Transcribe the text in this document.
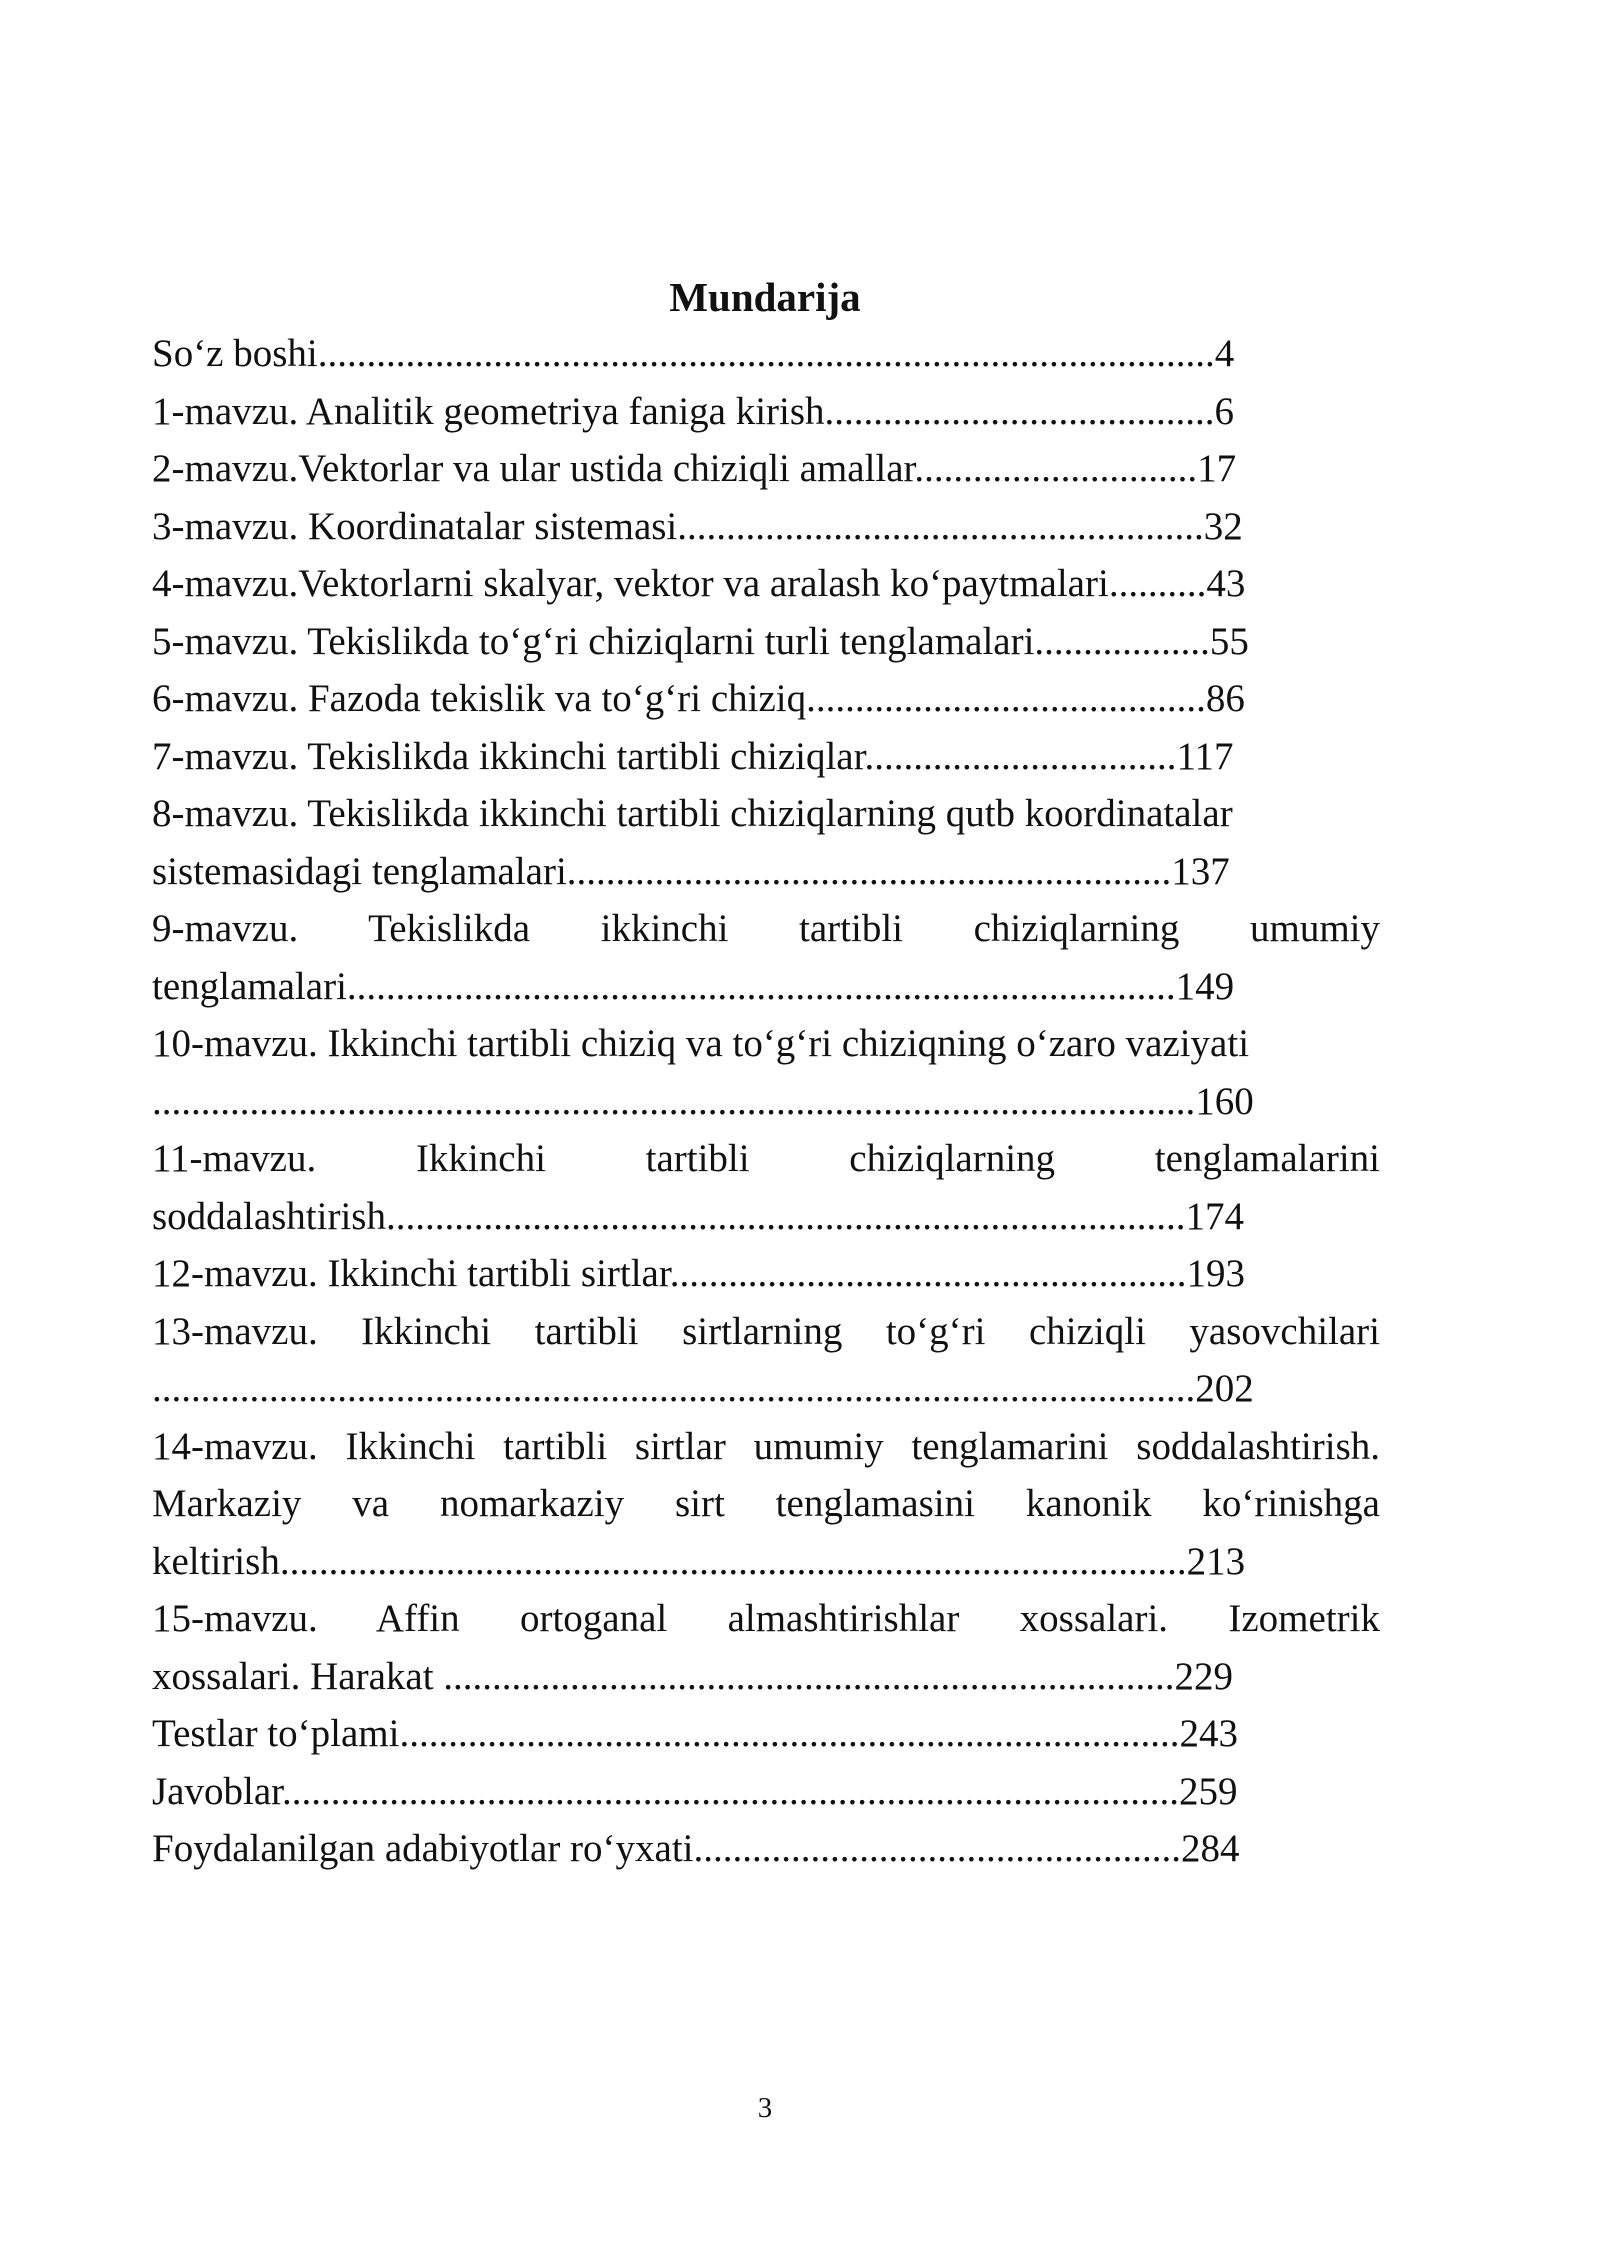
Mundarija
So‘z boshi............................................................................................4
1-mavzu. Analitik geometriya faniga kirish........................................6
2-mavzu.Vektorlar va ular ustida chiziqli amallar.............................17
3-mavzu. Koordinatalar sistemasi......................................................32
4-mavzu.Vektorlarni skalyar, vektor va aralash ko‘paytmalari..........43
5-mavzu. Tekislikda to‘g‘ri chiziqlarni turli tenglamalari..................55
6-mavzu. Fazoda tekislik va to‘g‘ri chiziq.........................................86
7-mavzu. Tekislikda ikkinchi tartibli chiziqlar................................117
8-mavzu. Tekislikda ikkinchi tartibli chiziqlarning qutb koordinatalar
sistemasidagi tenglamalari..............................................................137
9-mavzu. Tekislikda ikkinchi tartibli chiziqlarning umumiy
tenglamalari.....................................................................................149
10-mavzu. Ikkinchi tartibli chiziq va to‘g‘ri chiziqning o‘zaro vaziyati
...........................................................................................................160
11-mavzu. Ikkinchi tartibli chiziqlarning tenglamalarini
soddalashtirish..................................................................................174
12-mavzu. Ikkinchi tartibli sirtlar.....................................................193
13-mavzu. Ikkinchi tartibli sirtlarning to‘g‘ri chiziqli yasovchilari
...........................................................................................................202
14-mavzu. Ikkinchi tartibli sirtlar umumiy tenglamarini soddalashtirish.
Markaziy va nomarkaziy sirt tenglamasini kanonik ko‘rinishga
keltirish.............................................................................................213
15-mavzu. Affin ortoganal almashtirishlar xossalari. Izometrik
xossalari. Harakat ...........................................................................229
Testlar to‘plami................................................................................243
Javoblar............................................................................................259
Foydalanilgan adabiyotlar ro‘yxati..................................................284
3
